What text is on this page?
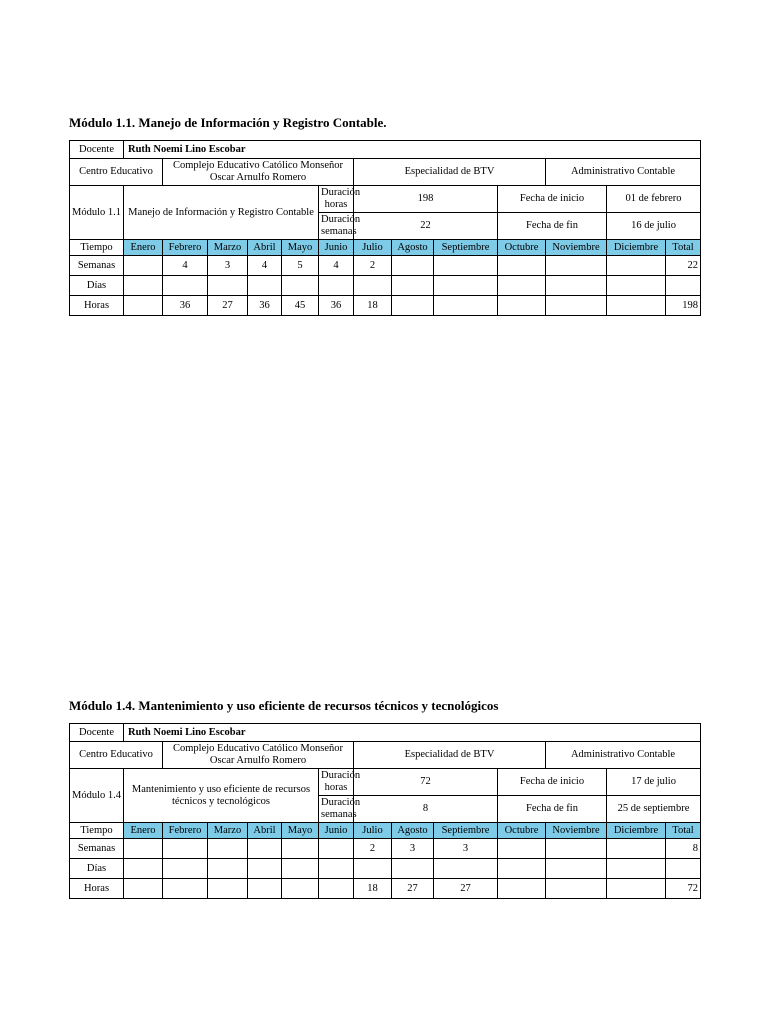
Módulo 1.1. Manejo de Información y Registro Contable.
Docente	Ruth Noemi Lino Escobar												
Centro Educativo		Complejo Educativo Católico Monseñor Oscar Arnulfo Romero					Especialidad de BTV				Administrativo Contable		
Módulo 1.1	Manejo de Información y Registro Contable					Duración horas	198			Fecha de inicio		01 de febrero	
						Duración semanas	22			Fecha de fin		16 de julio	
Tiempo	Enero	Febrero	Marzo	Abril	Mayo	Junio	Julio	Agosto	Septiembre	Octubre	Noviembre	Diciembre	Total
Semanas		4	3	4	5	4	2						22
Días													
Horas		36	27	36	45	36	18						198
Módulo 1.4. Mantenimiento y uso eficiente de recursos técnicos y tecnológicos
Docente	Ruth Noemi Lino Escobar												
Centro Educativo		Complejo Educativo Católico Monseñor Oscar Arnulfo Romero					Especialidad de BTV				Administrativo Contable		
Módulo 1.4	Mantenimiento y uso eficiente de recursos técnicos y tecnológicos					Duración horas	72			Fecha de inicio		17 de julio	
						Duración semanas	8			Fecha de fin		25 de septiembre	
Tiempo	Enero	Febrero	Marzo	Abril	Mayo	Junio	Julio	Agosto	Septiembre	Octubre	Noviembre	Diciembre	Total
Semanas							2	3	3				8
Días													
Horas							18	27	27				72
